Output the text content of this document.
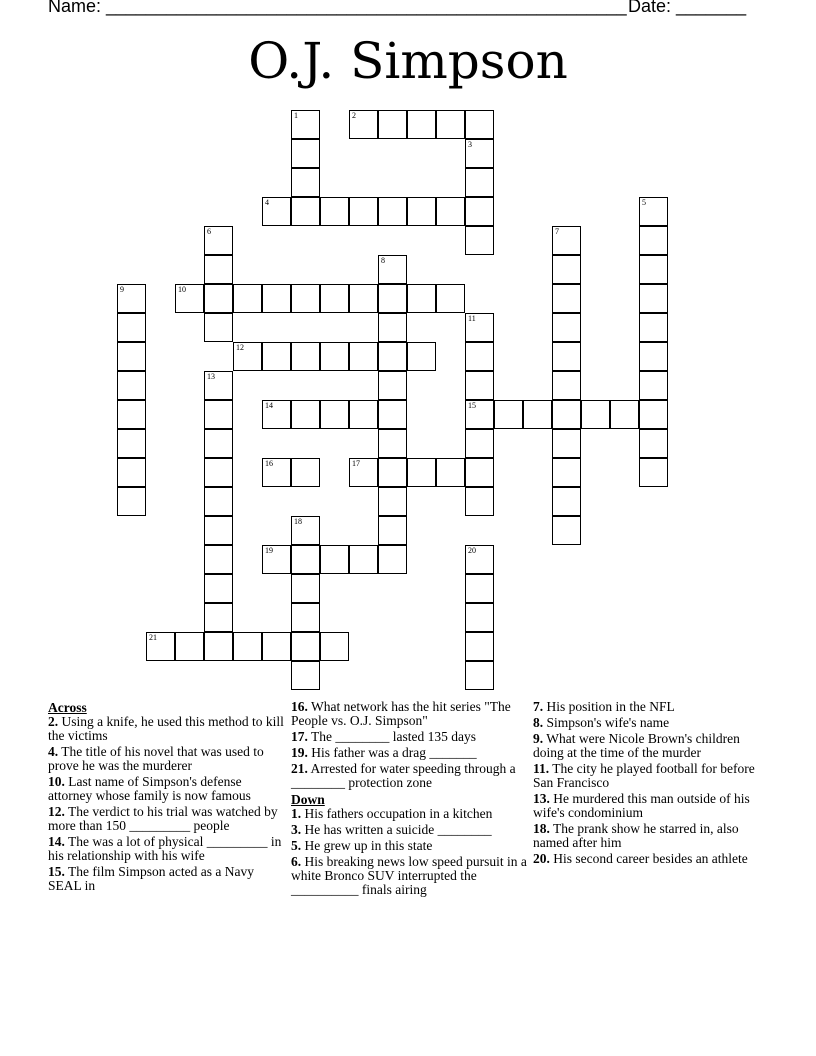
Name: ____________________________________________________ Date: _______
O.J. Simpson
2
4
10
12
14	15
16	17
19
21
1
3
5
6	7
8
9
11
13
18
20
Across
2. Using a knife, he used this method to kill the victims
4. The title of his novel that was used to prove he was the murderer
10. Last name of Simpson's defense attorney whose family is now famous
12. The verdict to his trial was watched by more than 150 _________ people
14. The was a lot of physical _________ in his relationship with his wife
15. The film Simpson acted as a Navy SEAL in
16. What network has the hit series "The People vs. O.J. Simpson"
17. The ________ lasted 135 days
19. His father was a drag _______
21. Arrested for water speeding through a ________ protection zone
Down
1. His fathers occupation in a kitchen
3. He has written a suicide ________
5. He grew up in this state
6. His breaking news low speed pursuit in a white Bronco SUV interrupted the __________ finals airing
7. His position in the NFL
8. Simpson's wife's name
9. What were Nicole Brown's children doing at the time of the murder
11. The city he played football for before San Francisco
13. He murdered this man outside of his wife's condominium
18. The prank show he starred in, also named after him
20. His second career besides an athlete
